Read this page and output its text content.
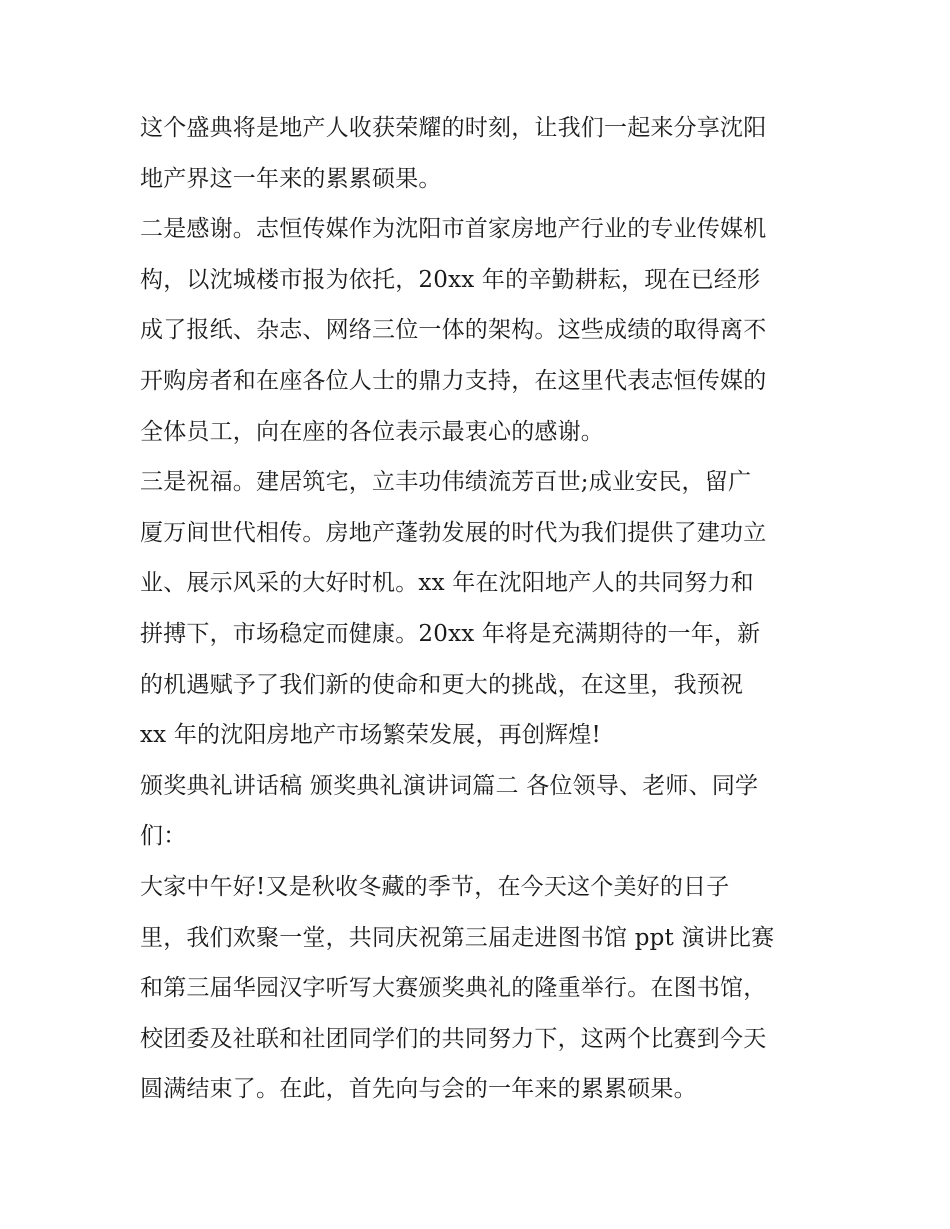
这个盛典将是地产人收获荣耀的时刻，让我们一起来分享沈阳
地产界这一年来的累累硕果。
二是感谢。志恒传媒作为沈阳市首家房地产行业的专业传媒机
构，以沈城楼市报为依托，20xx 年的辛勤耕耘，现在已经形
成了报纸、杂志、网络三位一体的架构。这些成绩的取得离不
开购房者和在座各位人士的鼎力支持，在这里代表志恒传媒的
全体员工，向在座的各位表示最衷心的感谢。
三是祝福。建居筑宅，立丰功伟绩流芳百世;成业安民，留广
厦万间世代相传。房地产蓬勃发展的时代为我们提供了建功立
业、展示风采的大好时机。xx 年在沈阳地产人的共同努力和
拼搏下，市场稳定而健康。20xx 年将是充满期待的一年，新
的机遇赋予了我们新的使命和更大的挑战，在这里，我预祝
xx 年的沈阳房地产市场繁荣发展，再创辉煌!
颁奖典礼讲话稿 颁奖典礼演讲词篇二 各位领导、老师、同学
们：
大家中午好!又是秋收冬藏的季节，在今天这个美好的日子
里，我们欢聚一堂，共同庆祝第三届走进图书馆 ppt 演讲比赛
和第三届华园汉字听写大赛颁奖典礼的隆重举行。在图书馆，
校团委及社联和社团同学们的共同努力下，这两个比赛到今天
圆满结束了。在此，首先向与会的一年来的累累硕果。
